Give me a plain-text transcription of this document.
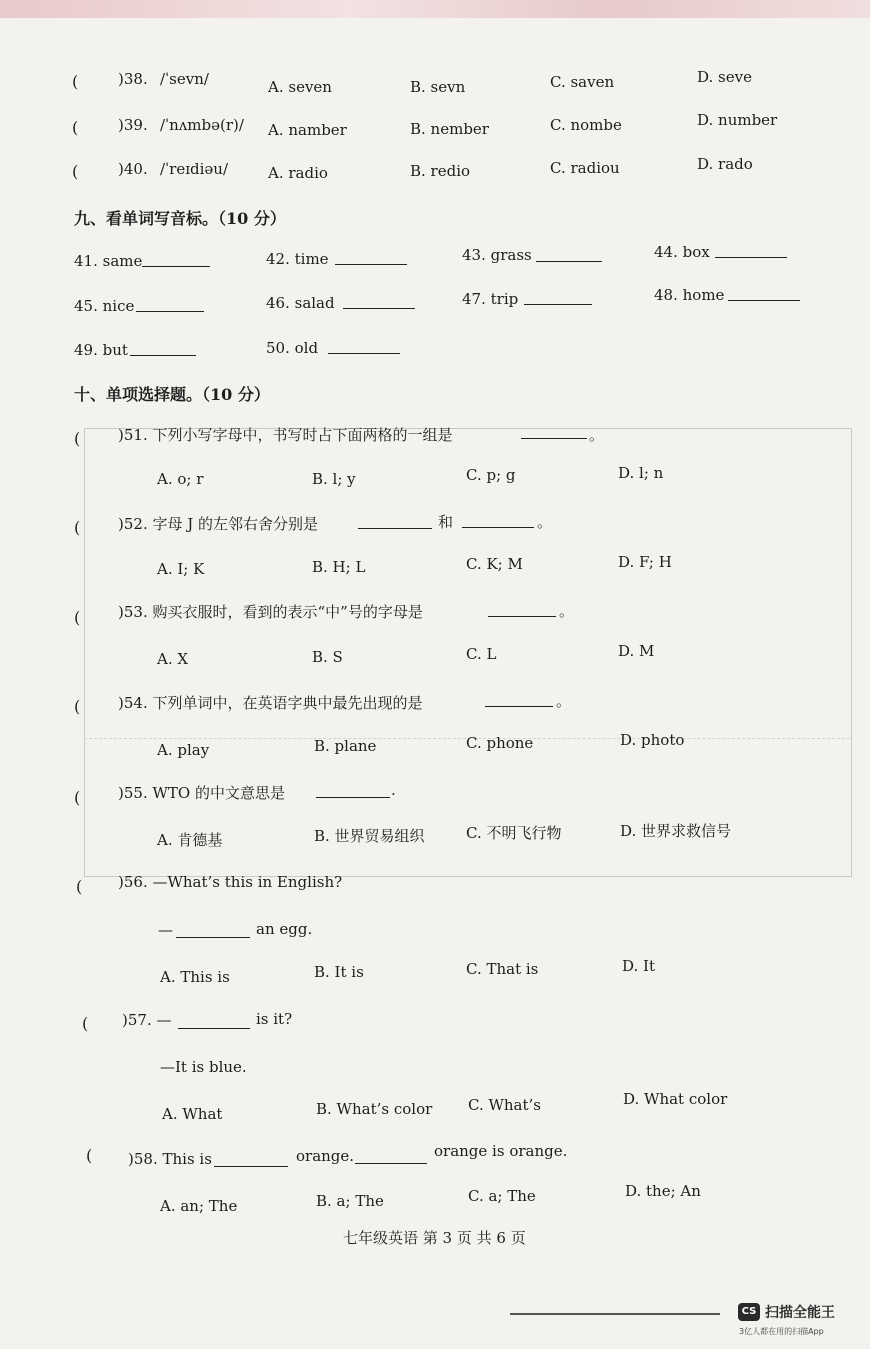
(	)38. /ˈsevn/	A. seven	B. sevn	C. saven	D. seve
(	)39. /ˈnʌmbə(r)/ A. namber	B. nember	C. nombe	D. number
(	)40. /ˈreɪdiəu/	A. radio	B. redio	C. radiou	D. rado
九、看单词写音标。（10 分）
41. same	42. time	43. grass	44. box
45. nice	46. salad	47. trip	48. home
49. but	50. old
十、单项选择题。（10 分）
(	)51. 下列小写字母中，书写时占下面两格的一组是	。
A. o; r	B. l; y	C. p; g	D. l; n
(	)52. 字母 J 的左邻右舍分别是	和	。
A. I; K	B. H; L	C. K; M	D. F; H
(	)53. 购买衣服时，看到的表示“中”号的字母是	。
A. X	B. S	C. L	D. M
(	)54. 下列单词中，在英语字典中最先出现的是	。
A. play	B. plane	C. phone	D. photo
(	)55. WTO 的中文意思是	.
A. 肯德基	B. 世界贸易组织	C. 不明飞行物	D. 世界求救信号
( )56. —What’s this in English?
—	an egg.
A. This is	B. It is	C. That is	D. It
( )57. —	is it?
—It is blue.
A. What	B. What’s color C. What’s	D. What color
( )58. This is	orange.	orange is orange.
A. an; The	B. a; The	C. a; The	D. the; An
七年级英语 第 3 页 共 6 页
CS 扫描全能王
3亿人都在用的扫描App
